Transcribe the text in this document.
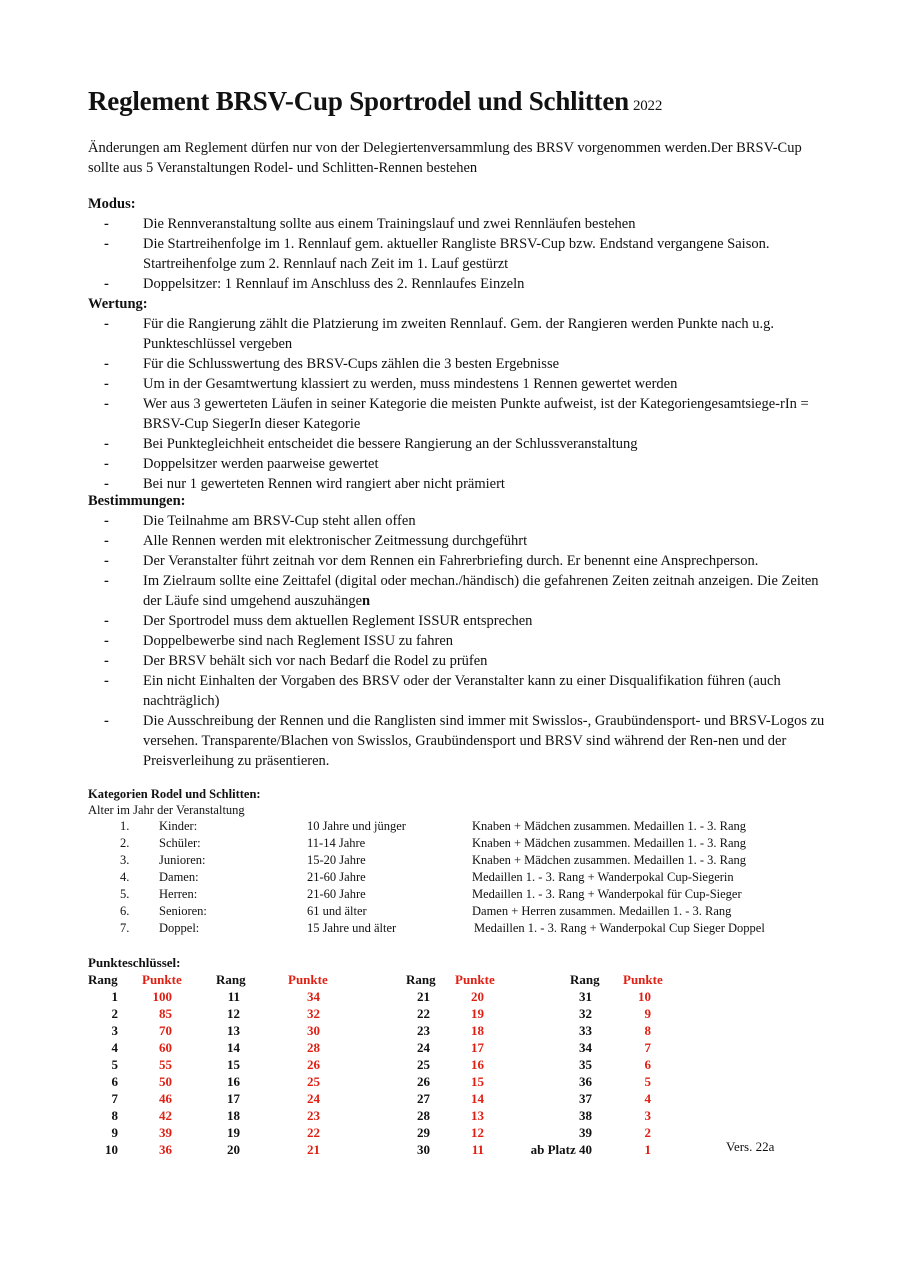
Reglement BRSV-Cup Sportrodel und Schlitten 2022
Änderungen am Reglement dürfen nur von der Delegiertenversammlung des BRSV vorgenommen werden.Der BRSV-Cup sollte aus 5 Veranstaltungen Rodel- und Schlitten-Rennen bestehen
Modus:
- Die Rennveranstaltung sollte aus einem Trainingslauf und zwei Rennläufen bestehen
- Die Startreihenfolge im 1. Rennlauf gem. aktueller Rangliste BRSV-Cup bzw. Endstand vergangene Saison. Startreihenfolge zum 2. Rennlauf nach Zeit im 1. Lauf gestürzt
- Doppelsitzer: 1 Rennlauf im Anschluss des 2. Rennlaufes Einzeln
Wertung:
- Für die Rangierung zählt die Platzierung im zweiten Rennlauf. Gem. der Rangieren werden Punkte nach u.g. Punkteschlüssel vergeben
- Für die Schlusswertung des BRSV-Cups zählen die 3 besten Ergebnisse
- Um in der Gesamtwertung klassiert zu werden, muss mindestens 1 Rennen gewertet werden
- Wer aus 3 gewerteten Läufen in seiner Kategorie die meisten Punkte aufweist, ist der Kategoriengesamtsiege-rIn = BRSV-Cup SiegerIn dieser Kategorie
- Bei Punktegleichheit entscheidet die bessere Rangierung an der Schlussveranstaltung
- Doppelsitzer werden paarweise gewertet
- Bei nur 1 gewerteten Rennen wird rangiert aber nicht prämiert
Bestimmungen:
- Die Teilnahme am BRSV-Cup steht allen offen
- Alle Rennen werden mit elektronischer Zeitmessung durchgeführt
- Der Veranstalter führt zeitnah vor dem Rennen ein Fahrerbriefing durch. Er benennt eine Ansprechperson.
- Im Zielraum sollte eine Zeittafel (digital oder mechan./händisch) die gefahrenen Zeiten zeitnah anzeigen. Die Zeiten der Läufe sind umgehend auszuhängen
- Der Sportrodel muss dem aktuellen Reglement ISSUR entsprechen
- Doppelbewerbe sind nach Reglement ISSU zu fahren
- Der BRSV behält sich vor nach Bedarf die Rodel zu prüfen
- Ein nicht Einhalten der Vorgaben des BRSV oder der Veranstalter kann zu einer Disqualifikation führen (auch nachträglich)
- Die Ausschreibung der Rennen und die Ranglisten sind immer mit Swisslos-, Graubündensport- und BRSV-Logos zu versehen. Transparente/Blachen von Swisslos, Graubündensport und BRSV sind während der Ren-nen und der Preisverleihung zu präsentieren.
Kategorien Rodel und Schlitten:
Alter im Jahr der Veranstaltung
1. Kinder:	10 Jahre und jünger	Knaben + Mädchen zusammen. Medaillen 1. - 3. Rang
2. Schüler:	11-14 Jahre	Knaben + Mädchen zusammen. Medaillen 1. - 3. Rang
3. Junioren:	15-20 Jahre	Knaben + Mädchen zusammen. Medaillen 1. - 3. Rang
4. Damen:	21-60 Jahre	Medaillen 1. - 3. Rang + Wanderpokal Cup-Siegerin
5. Herren:	21-60 Jahre	Medaillen 1. - 3. Rang + Wanderpokal für Cup-Sieger
6. Senioren:	61 und älter	Damen + Herren zusammen. Medaillen 1. - 3. Rang
7. Doppel:	15 Jahre und älter	Medaillen 1. - 3. Rang + Wanderpokal Cup Sieger Doppel
Punkteschlüssel:
Rang Punkte	Rang	Punkte	Rang Punkte	Rang Punkte
1	100	11	34	21	20	31	10
2	85	12	32	22	19	32	9
3	70	13	30	23	18	33	8
4	60	14	28	24	17	34	7
5	55	15	26	25	16	35	6
6	50	16	25	26	15	36	5
7	46	17	24	27	14	37	4
8	42	18	23	28	13	38	3
9	39	19	22	29	12	39	2
10	36	20	21	30	11	ab Platz 40	1	Vers. 22a
